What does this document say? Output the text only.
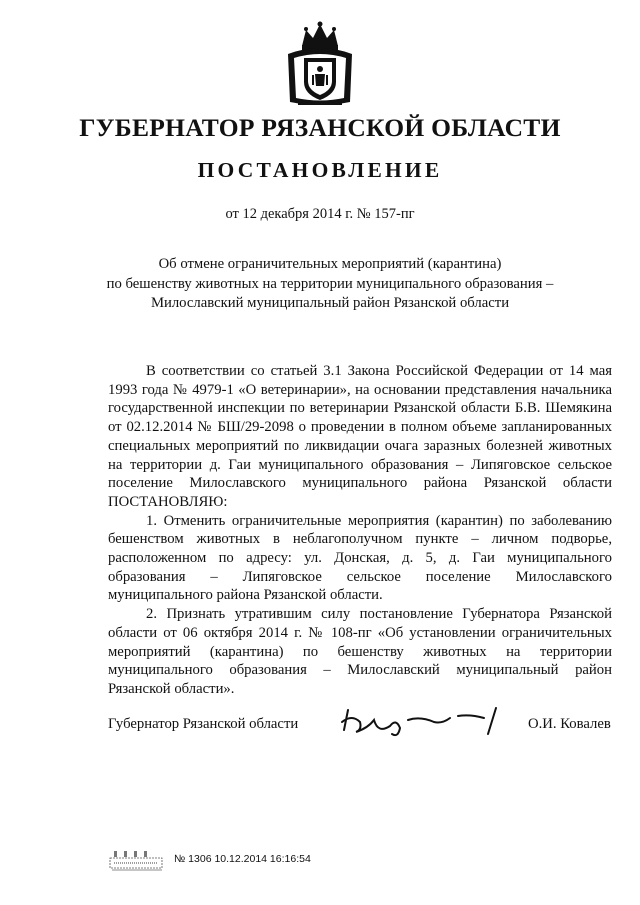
ГУБЕРНАТОР РЯЗАНСКОЙ ОБЛАСТИ
ПОСТАНОВЛЕНИЕ
от 12 декабря 2014 г. № 157-пг
Об отмене ограничительных мероприятий (карантина)
по бешенству животных на территории муниципального образования –
Милославский муниципальный район Рязанской области

В соответствии со статьей 3.1 Закона Российской Федерации от 14 мая 1993 года № 4979-1 «О ветеринарии», на основании представления начальника государственной инспекции по ветеринарии Рязанской области Б.В. Шемякина от 02.12.2014 № БШ/29-2098 о проведении в полном объеме запланированных специальных мероприятий по ликвидации очага заразных болезней животных на территории д. Гаи муниципального образования – Липяговское сельское поселение Милославского муниципального района Рязанской области ПОСТАНОВЛЯЮ:

1. Отменить ограничительные мероприятия (карантин) по заболеванию бешенством животных в неблагополучном пункте – личном подворье, расположенном по адресу: ул. Донская, д. 5, д. Гаи муниципального образования – Липяговское сельское поселение Милославского муниципального района Рязанской области.

2. Признать утратившим силу постановление Губернатора Рязанской области от 06 октября 2014 г. № 108-пг «Об установлении ограничительных мероприятий (карантина) по бешенству животных на территории муниципального образования – Милославский муниципальный район Рязанской области».

Губернатор Рязанской области	О.И. Ковалев
№ 1306 10.12.2014 16:16:54
